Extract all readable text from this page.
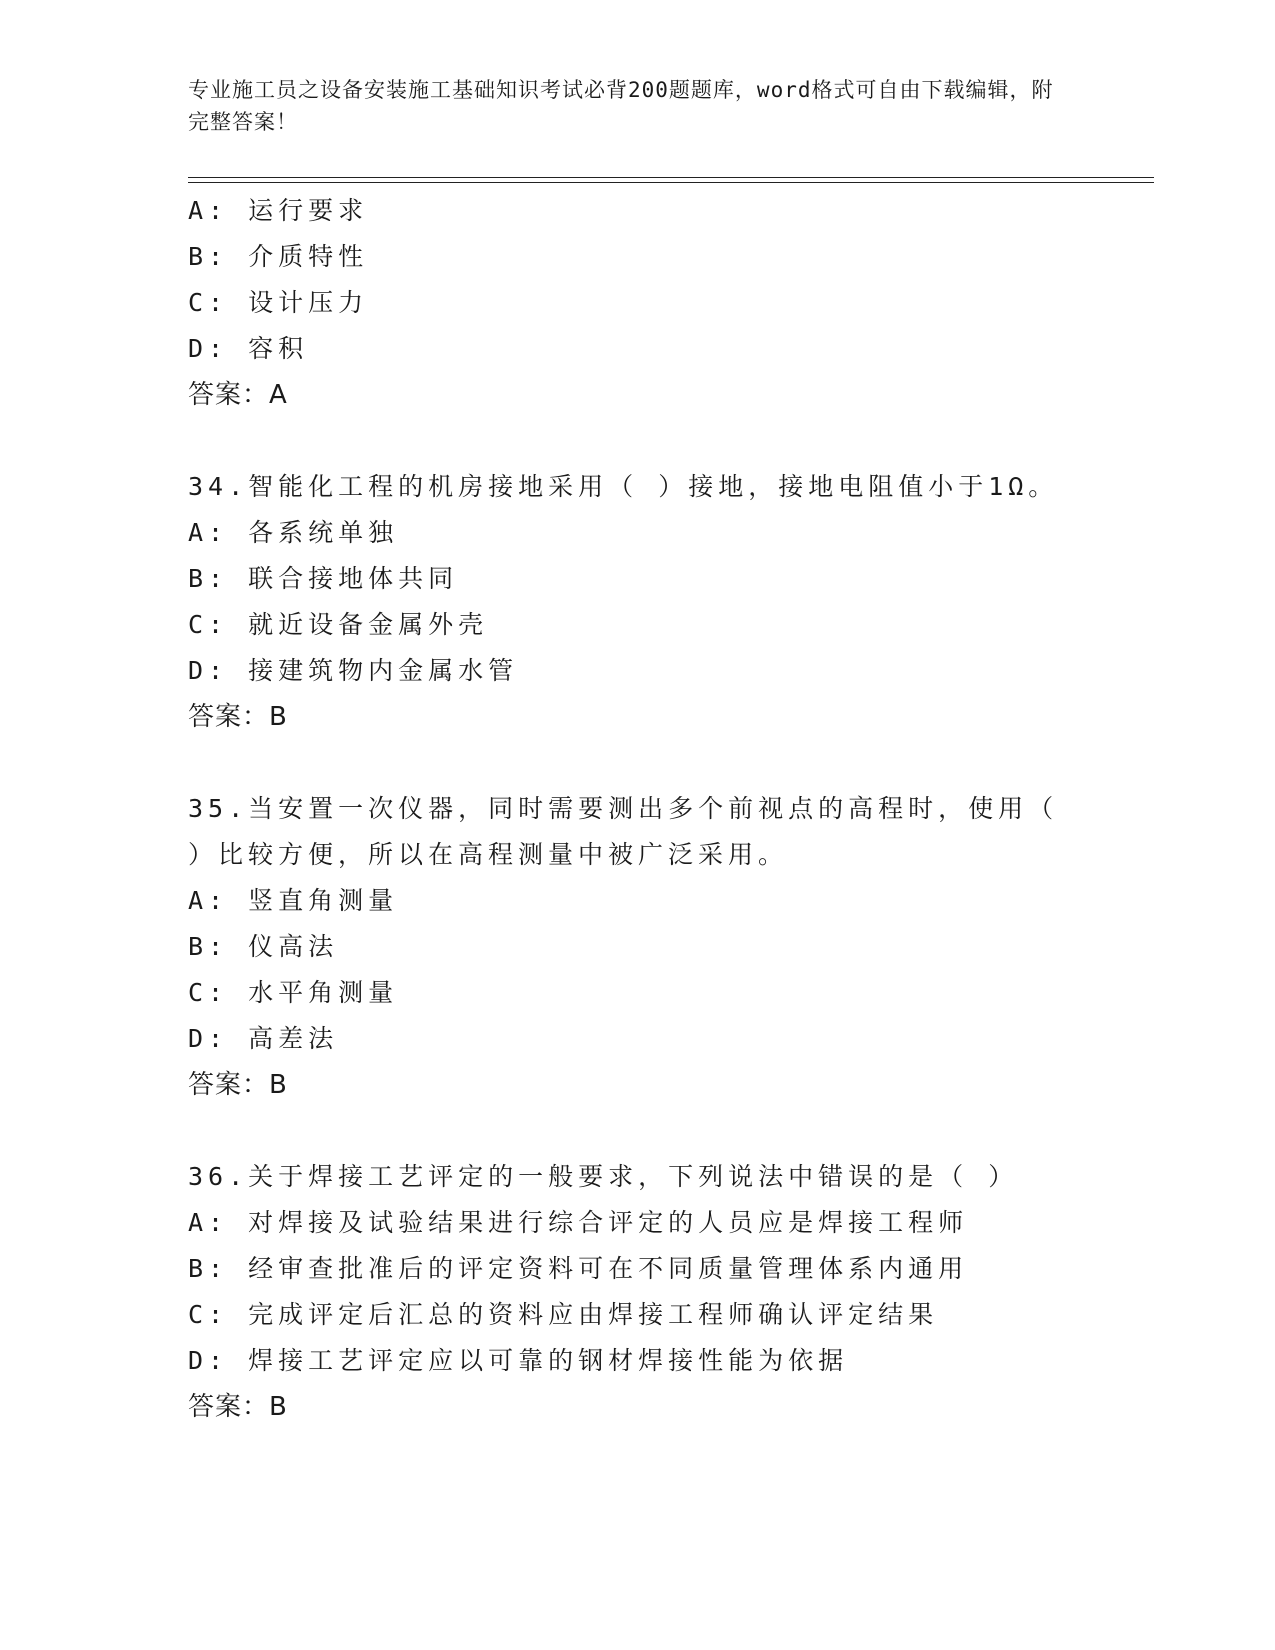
专业施工员之设备安装施工基础知识考试必背200题题库，word格式可自由下载编辑，附完整答案！
A: 运行要求
B: 介质特性
C: 设计压力
D: 容积
答案：A
34.智能化工程的机房接地采用（ ）接地，接地电阻值小于1Ω。
A: 各系统单独
B: 联合接地体共同
C: 就近设备金属外壳
D: 接建筑物内金属水管
答案：B
35.当安置一次仪器，同时需要测出多个前视点的高程时，使用（ ）比较方便，所以在高程测量中被广泛采用。
A: 竖直角测量
B: 仪高法
C: 水平角测量
D: 高差法
答案：B
36.关于焊接工艺评定的一般要求，下列说法中错误的是（ ）
A: 对焊接及试验结果进行综合评定的人员应是焊接工程师
B: 经审查批准后的评定资料可在不同质量管理体系内通用
C: 完成评定后汇总的资料应由焊接工程师确认评定结果
D: 焊接工艺评定应以可靠的钢材焊接性能为依据
答案：B
